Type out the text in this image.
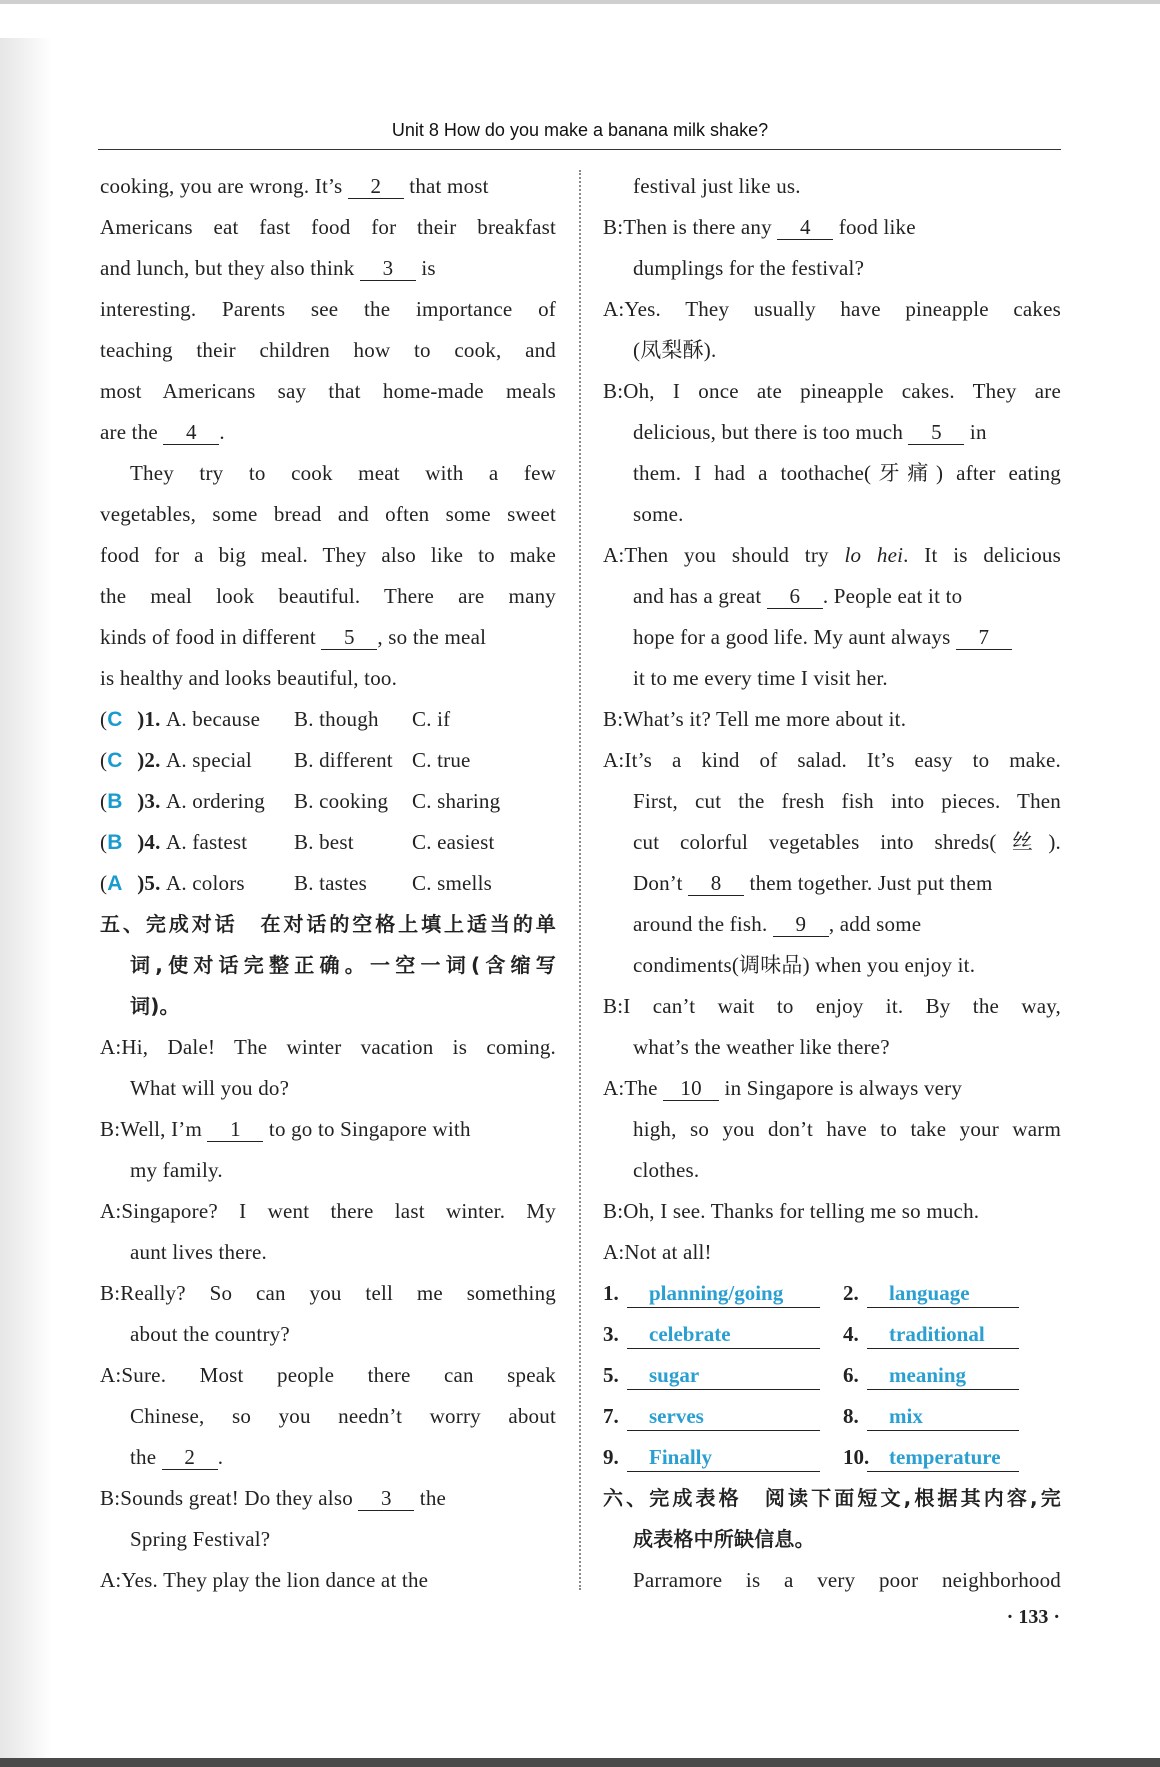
Unit 8 How do you make a banana milk shake?
cooking, you are wrong. It’s 2 that most
Americans eat fast food for their breakfast
and lunch, but they also think 3 is
interesting. Parents see the importance of
teaching their children how to cook, and
most Americans say that home-made meals
are the 4 .
They try to cook meat with a few
vegetables, some bread and often some sweet
food for a big meal. They also like to make
the meal look beautiful. There are many
kinds of food in different 5 , so the meal
is healthy and looks beautiful, too.
(C )1. A. because B. though C. if
(C )2. A. special B. different C. true
(B )3. A. ordering B. cooking C. sharing
(B )4. A. fastest B. best	C. easiest
(A )5. A. colors B. tastes C. smells
五、完成对话　在对话的空格上填上适当的单
词,使对话完整正确。一空一词(含缩写
词)。
A:Hi, Dale! The winter vacation is coming.
What will you do?
B:Well, I’m 1 to go to Singapore with
my family.
A:Singapore? I went there last winter. My
aunt lives there.
B:Really? So can you tell me something
about the country?
A:Sure. Most people there can speak
Chinese, so you needn’t worry about
the 2 .
B:Sounds great! Do they also 3 the
Spring Festival?
A:Yes. They play the lion dance at the
festival just like us.
B:Then is there any 4 food like
dumplings for the festival?
A:Yes. They usually have pineapple cakes
(凤梨酥).
B:Oh, I once ate pineapple cakes. They are
delicious, but there is too much 5 in
them. I had a toothache(牙痛) after eating
some.
A:Then you should try lo hei. It is delicious
and has a great 6 . People eat it to
hope for a good life. My aunt always 7
it to me every time I visit her.
B:What’s it? Tell me more about it.
A:It’s a kind of salad. It’s easy to make.
First, cut the fresh fish into pieces. Then
cut colorful vegetables into shreds(丝).
Don’t 8 them together. Just put them
around the fish. 9 , add some
condiments(调味品) when you enjoy it.
B:I can’t wait to enjoy it. By the way,
what’s the weather like there?
A:The 10 in Singapore is always very
high, so you don’t have to take your warm
clothes.
B:Oh, I see. Thanks for telling me so much.
A:Not at all!
1.	planning/going	2.	language
3.	celebrate	4.	traditional
5.	sugar	6.	meaning
7.	serves	8.	mix
9.	Finally	10. temperature
六、完成表格　阅读下面短文,根据其内容,完
成表格中所缺信息。
Parramore is a very poor neighborhood
· 133 ·
